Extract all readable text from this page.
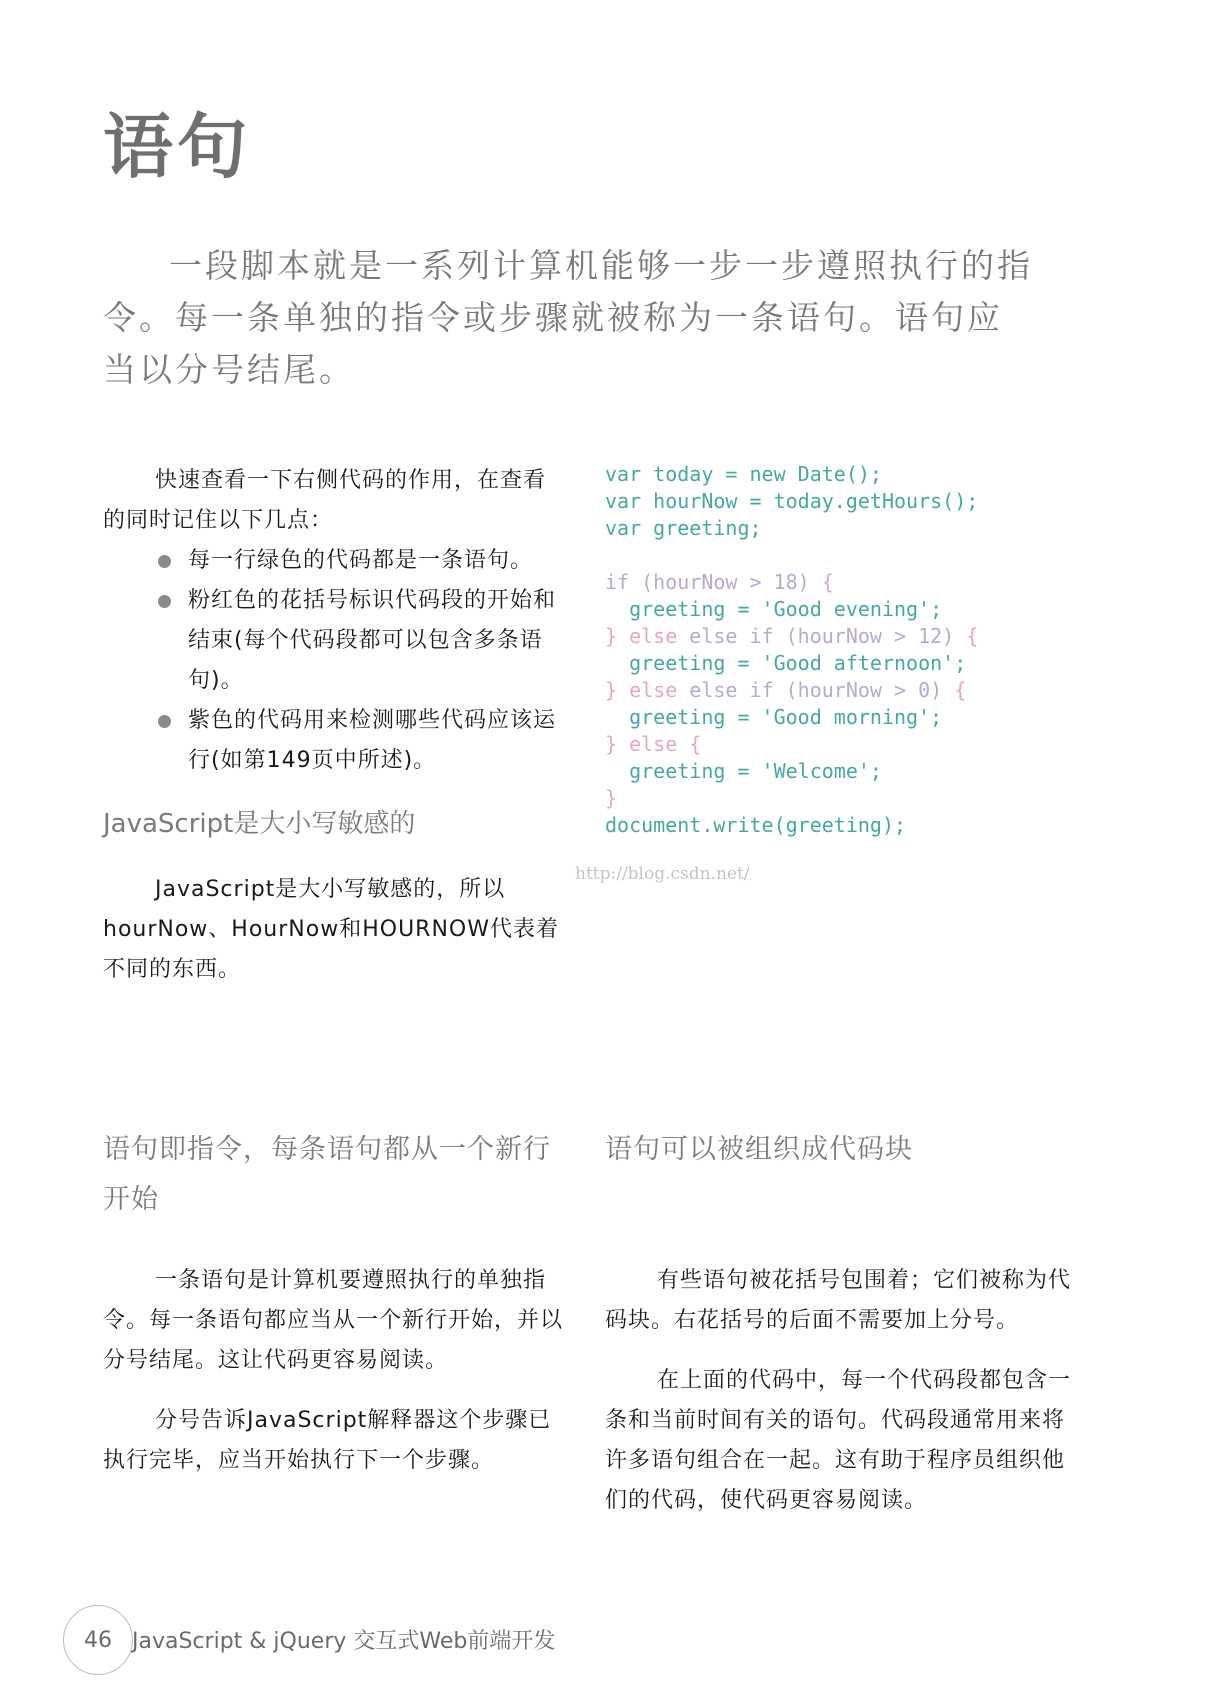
语句

一段脚本就是一系列计算机能够一步一步遵照执行的指令。每一条单独的指令或步骤就被称为一条语句。语句应当以分号结尾。

快速查看一下右侧代码的作用，在查看的同时记住以下几点：

每一行绿色的代码都是一条语句。
粉红色的花括号标识代码段的开始和结束(每个代码段都可以包含多条语句)。
紫色的代码用来检测哪些代码应该运行(如第149页中所述)。

JavaScript是大小写敏感的

JavaScript是大小写敏感的，所以hourNow、HourNow和HOURNOW代表着不同的东西。

var today = new Date();
var hourNow = today.getHours();
var greeting;

if (hourNow > 18) {
greeting = 'Good evening';
} else else if (hourNow > 12) {
greeting = 'Good afternoon';
} else else if (hourNow > 0) {
greeting = 'Good morning';
} else {
greeting = 'Welcome';
}
document.write(greeting);
http://blog.csdn.net/

语句即指令，每条语句都从一个新行开始

一条语句是计算机要遵照执行的单独指令。每一条语句都应当从一个新行开始，并以分号结尾。这让代码更容易阅读。

分号告诉JavaScript解释器这个步骤已执行完毕，应当开始执行下一个步骤。

语句可以被组织成代码块

有些语句被花括号包围着；它们被称为代码块。右花括号的后面不需要加上分号。

在上面的代码中，每一个代码段都包含一条和当前时间有关的语句。代码段通常用来将许多语句组合在一起。这有助于程序员组织他们的代码，使代码更容易阅读。

46 JavaScript & jQuery 交互式Web前端开发
